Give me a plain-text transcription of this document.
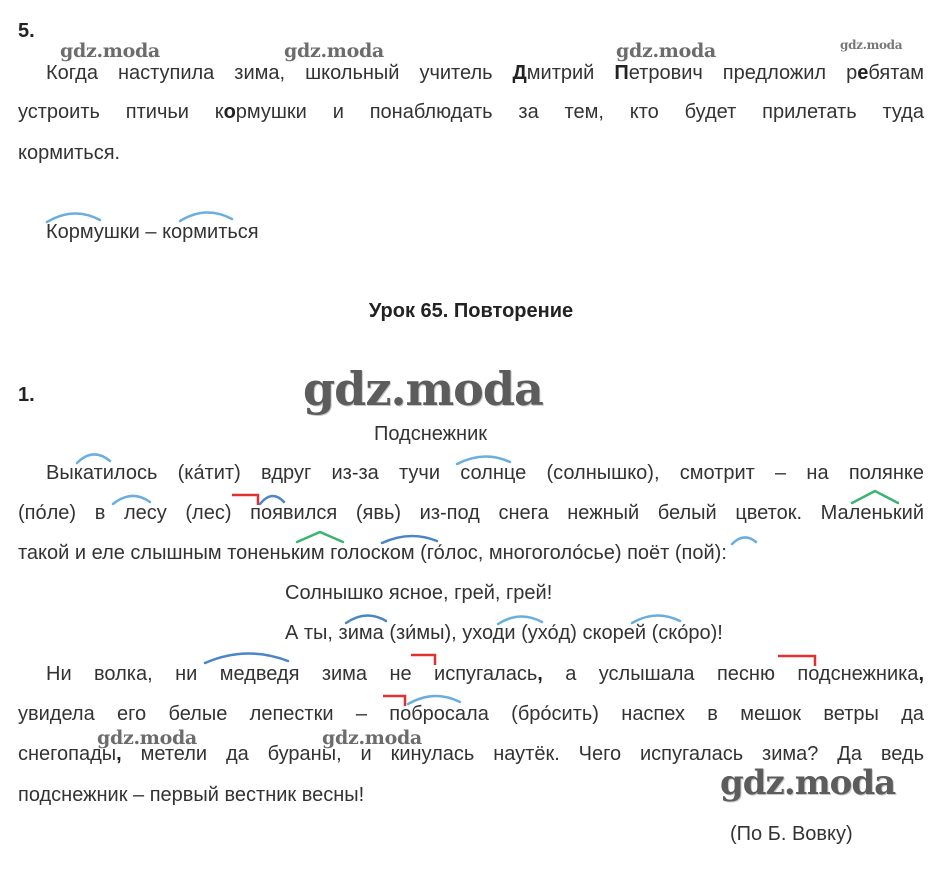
5.
Когда наступила зима, школьный учитель Дмитрий Петрович предложил ребятам
устроить птичьи кормушки и понаблюдать за тем, кто будет прилетать туда
кормиться.
Кормушки – кормиться
Урок 65. Повторение
1.
Подснежник
Выкатилось (ка́тит) вдруг из-за тучи солнце (солнышко), смотрит – на полянке
(по́ле) в лесу (лес) появился (явь) из-под снега нежный белый цветок. Маленький
такой и еле слышным тоненьким голоском (го́лос, многоголо́сье) поёт (пой):
Солнышко ясное, грей, грей!
А ты, зима (зи́мы), уходи (ухо́д) скорей (ско́ро)!
Ни волка, ни медведя зима не испугалась, а услышала песню подснежника,
увидела его белые лепестки – побросала (бро́сить) наспех в мешок ветры да
снегопады, метели да бураны, и кинулась наутёк. Чего испугалась зима? Да ведь
подснежник – первый вестник весны!
(По Б. Вовку)
gdz.moda	gdz.moda	gdz.moda	gdz.moda
gdz.moda
gdz.moda	gdz.moda
gdz.moda
